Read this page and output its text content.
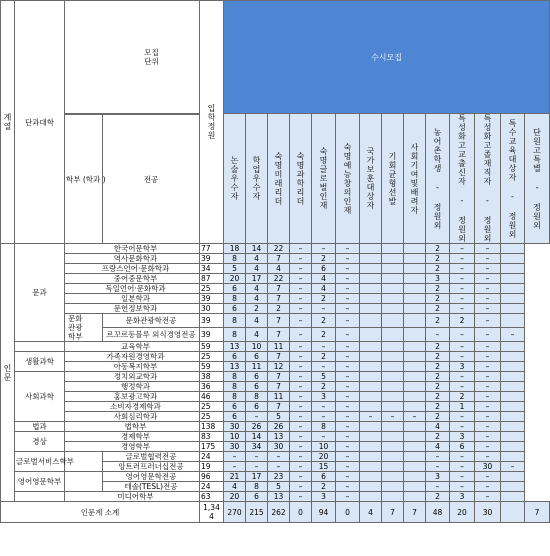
계열	단과대학	모집
단위		입학정원	수시모집													
					논술우수자	학업우수자	숙명미래리더	숙명과학리더	숙명글로벌인재	숙명예능창의인재	국가보훈대상자	기회균형선발	사회기여및배려자	농어촌학생 - 정원외	특성화고교출신자 - 정원외	특성화고졸재직자 - 정원외	특수교육대상자 - 정원외	단원고특별 - 정원외
		학부 (학과 )	전공															
인문	문과	한국어문학부		77	18	14	22	–	–	–				2	–	–		
		역사문화학과		39	8	4	7	–	2	–				2	–	–		
		프랑스언어·문화학과		34	5	4	4	–	6	–				2	–	–		
		중어중문학부		87	20	17	22	–	4	–				3	–	–		
		독일언어·문화학과		25	6	4	7	–	4	–				2	–	–		
		일본학과		39	8	4	7	–	2	–				2	–	–		
		문헌정보학과		30	6	2	2	–	–	–				2	–	–		

		문화
관광
학부	문화관광학전공	39	8	4	7	–	2	–				2	2	–		
			르꼬르동블루 외식경영전공	39	8	4	7	–	2	–				–	–	–	–	
		교육학부		59	13	10	11	–	–	–				2	–	–		
	생활과학	가족자원경영학과		25	6	6	7	–	2	–				2	–	–		
		아동복지학부		59	13	11	12	–	–	–				2	3	–		
	사회과학	정치외교학과		38	8	6	7	–	5	–				2	–	–		
		행정학과		36	8	6	7	–	2	–				2	–	–		
		홍보광고학과		46	8	8	11	–	3	–				2	2	–		
		소비자경제학과		25	6	6	7	–	–	–				2	1	–		
		사회심리학과		25	6	–	5	–	–	–	–	–	–	2	–	–		
	법과	법학부		138	30	26	26	–	8	–				4	–	–		
	경상	경제학부		83	10	14	13	–	–	–				2	3	–		
		경영학부		175	30	34	30	–	10	–				4	6	–		
	글로벌서비스학부		글로벌협력전공	24	–	–	–	–	20	–				–	–	–		
			앙트러프러너십전공	19	–	–	–	–	15	–				–	–	30	–	
	영어영문학부		영어영문학전공	96	21	17	23	–	6	–				3	–	–		
			테솔(TESL)전공	24	4	8	5	–	2	–				–	–	–		
		미디어학부		63	20	6	13	–	3	–				2	3	–		
인문계 소계				1,344	270	215	262	0	94	0	4	7	7	48	20	30		7
